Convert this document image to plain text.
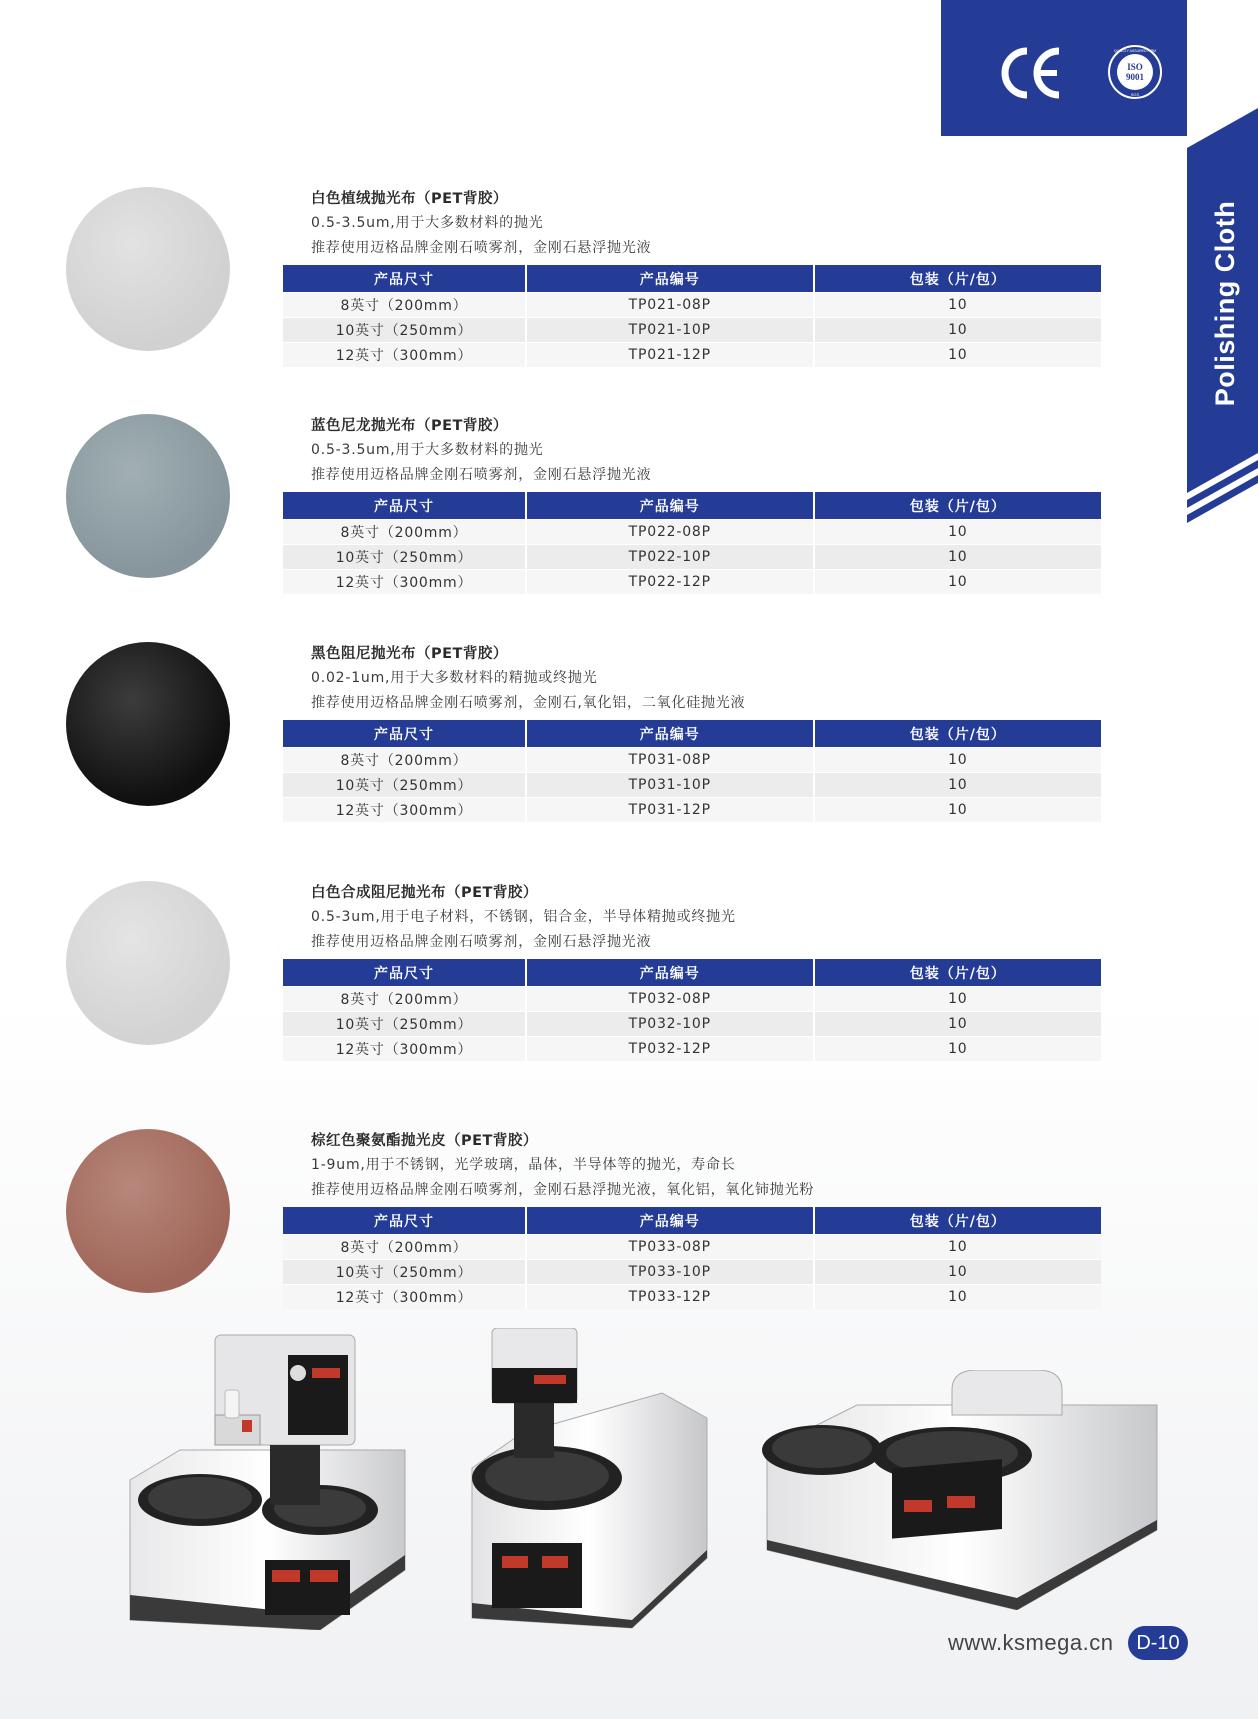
ISO
9001
QUALITY ASSURED FIRM
SGS
Polishing Cloth
白色植绒抛光布（PET背胶）
0.5-3.5um,用于大多数材料的抛光
推荐使用迈格品牌金刚石喷雾剂，金刚石悬浮抛光液
产品尺寸	产品编号	包装（片/包）
8英寸（200mm）	TP021-08P	10
10英寸（250mm）	TP021-10P	10
12英寸（300mm）	TP021-12P	10
蓝色尼龙抛光布（PET背胶）
0.5-3.5um,用于大多数材料的抛光
推荐使用迈格品牌金刚石喷雾剂，金刚石悬浮抛光液
产品尺寸	产品编号	包装（片/包）
8英寸（200mm）	TP022-08P	10
10英寸（250mm）	TP022-10P	10
12英寸（300mm）	TP022-12P	10
黑色阻尼抛光布（PET背胶）
0.02-1um,用于大多数材料的精抛或终抛光
推荐使用迈格品牌金刚石喷雾剂，金刚石,氧化铝，二氧化硅抛光液
产品尺寸	产品编号	包装（片/包）
8英寸（200mm）	TP031-08P	10
10英寸（250mm）	TP031-10P	10
12英寸（300mm）	TP031-12P	10
白色合成阻尼抛光布（PET背胶）
0.5-3um,用于电子材料，不锈钢，铝合金，半导体精抛或终抛光
推荐使用迈格品牌金刚石喷雾剂，金刚石悬浮抛光液
产品尺寸	产品编号	包装（片/包）
8英寸（200mm）	TP032-08P	10
10英寸（250mm）	TP032-10P	10
12英寸（300mm）	TP032-12P	10
棕红色聚氨酯抛光皮（PET背胶）
1-9um,用于不锈钢，光学玻璃，晶体，半导体等的抛光，寿命长
推荐使用迈格品牌金刚石喷雾剂，金刚石悬浮抛光液，氧化铝，氧化铈抛光粉
产品尺寸	产品编号	包装（片/包）
8英寸（200mm）	TP033-08P	10
10英寸（250mm）	TP033-10P	10
12英寸（300mm）	TP033-12P	10
www.ksmega.cn	D-10
